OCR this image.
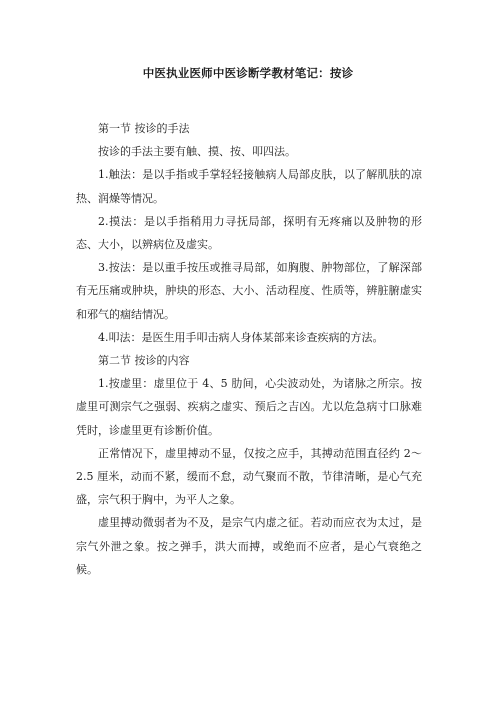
中医执业医师中医诊断学教材笔记：按诊

第一节 按诊的手法

按诊的手法主要有触、摸、按、叩四法。

1.触法：是以手指或手掌轻轻接触病人局部皮肤，以了解肌肤的凉热、润燥等情况。

2.摸法：是以手指稍用力寻抚局部，探明有无疼痛以及肿物的形态、大小，以辨病位及虚实。

3.按法：是以重手按压或推寻局部，如胸腹、肿物部位，了解深部有无压痛或肿块，肿块的形态、大小、活动程度、性质等，辨脏腑虚实和邪气的痼结情况。

4.叩法：是医生用手叩击病人身体某部来诊查疾病的方法。

第二节 按诊的内容

1.按虚里：虚里位于 4、5 肋间，心尖波动处，为诸脉之所宗。按虚里可测宗气之强弱、疾病之虚实、预后之吉凶。尤以危急病寸口脉难凭时，诊虚里更有诊断价值。

正常情况下，虚里搏动不显，仅按之应手，其搏动范围直径约 2～2.5 厘米，动而不紧，缓而不怠，动气聚而不散，节律清晰，是心气充盛，宗气积于胸中，为平人之象。

虚里搏动微弱者为不及，是宗气内虚之征。若动而应衣为太过，是宗气外泄之象。按之弹手，洪大而搏，或绝而不应者，是心气衰绝之候。
